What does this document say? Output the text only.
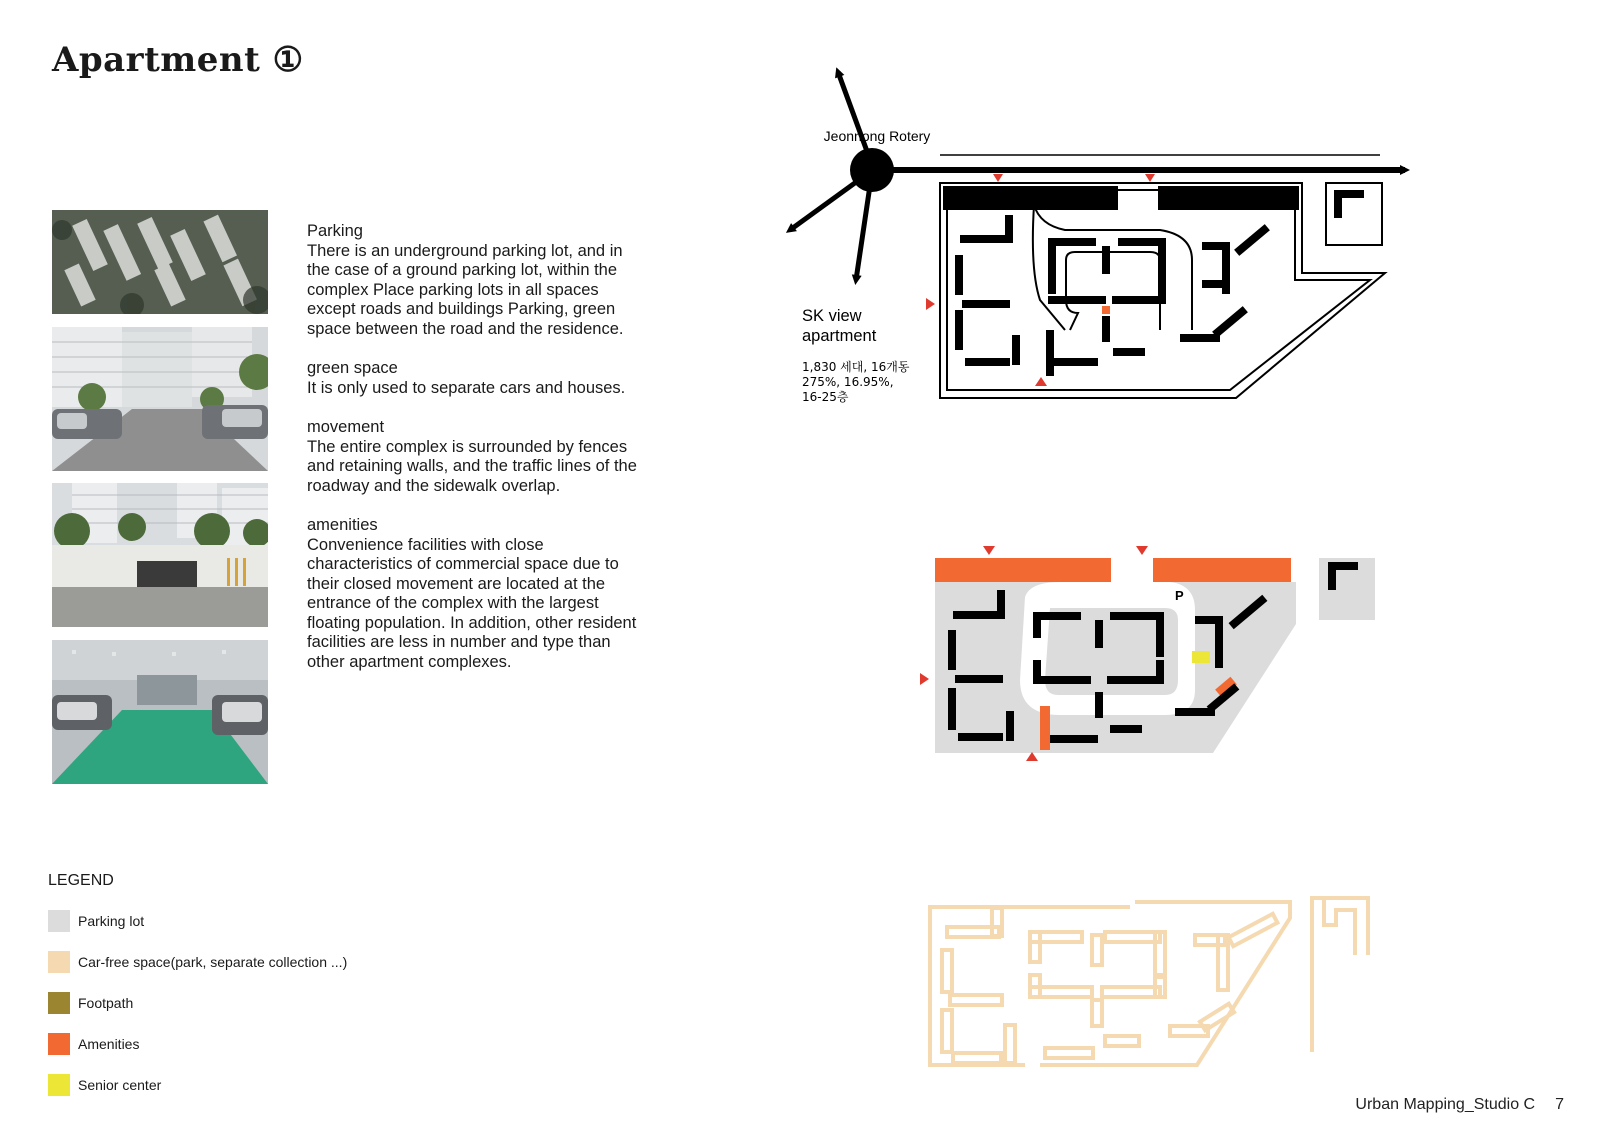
Apartment ①
Parking
There is an underground parking lot, and in the case of a ground parking lot, within the complex Place parking lots in all spaces except roads and buildings Parking, green space between the road and the residence.
green space
It is only used to separate cars and houses.
movement
The entire complex is surrounded by fences and retaining walls, and the traffic lines of the roadway and the sidewalk overlap.
amenities
Convenience facilities with close characteristics of commercial space due to their closed movement are located at the entrance of the complex with the largest floating population. In addition, other resident facilities are less in number and type than other apartment complexes.
Jeonnong Rotery
SK view
apartment
1,830 세대, 16개동
275%, 16.95%,
16-25층
P
LEGEND
Parking lot
Car-free space(park, separate collection ...)
Footpath
Amenities
Senior center
Urban Mapping_Studio C 7
